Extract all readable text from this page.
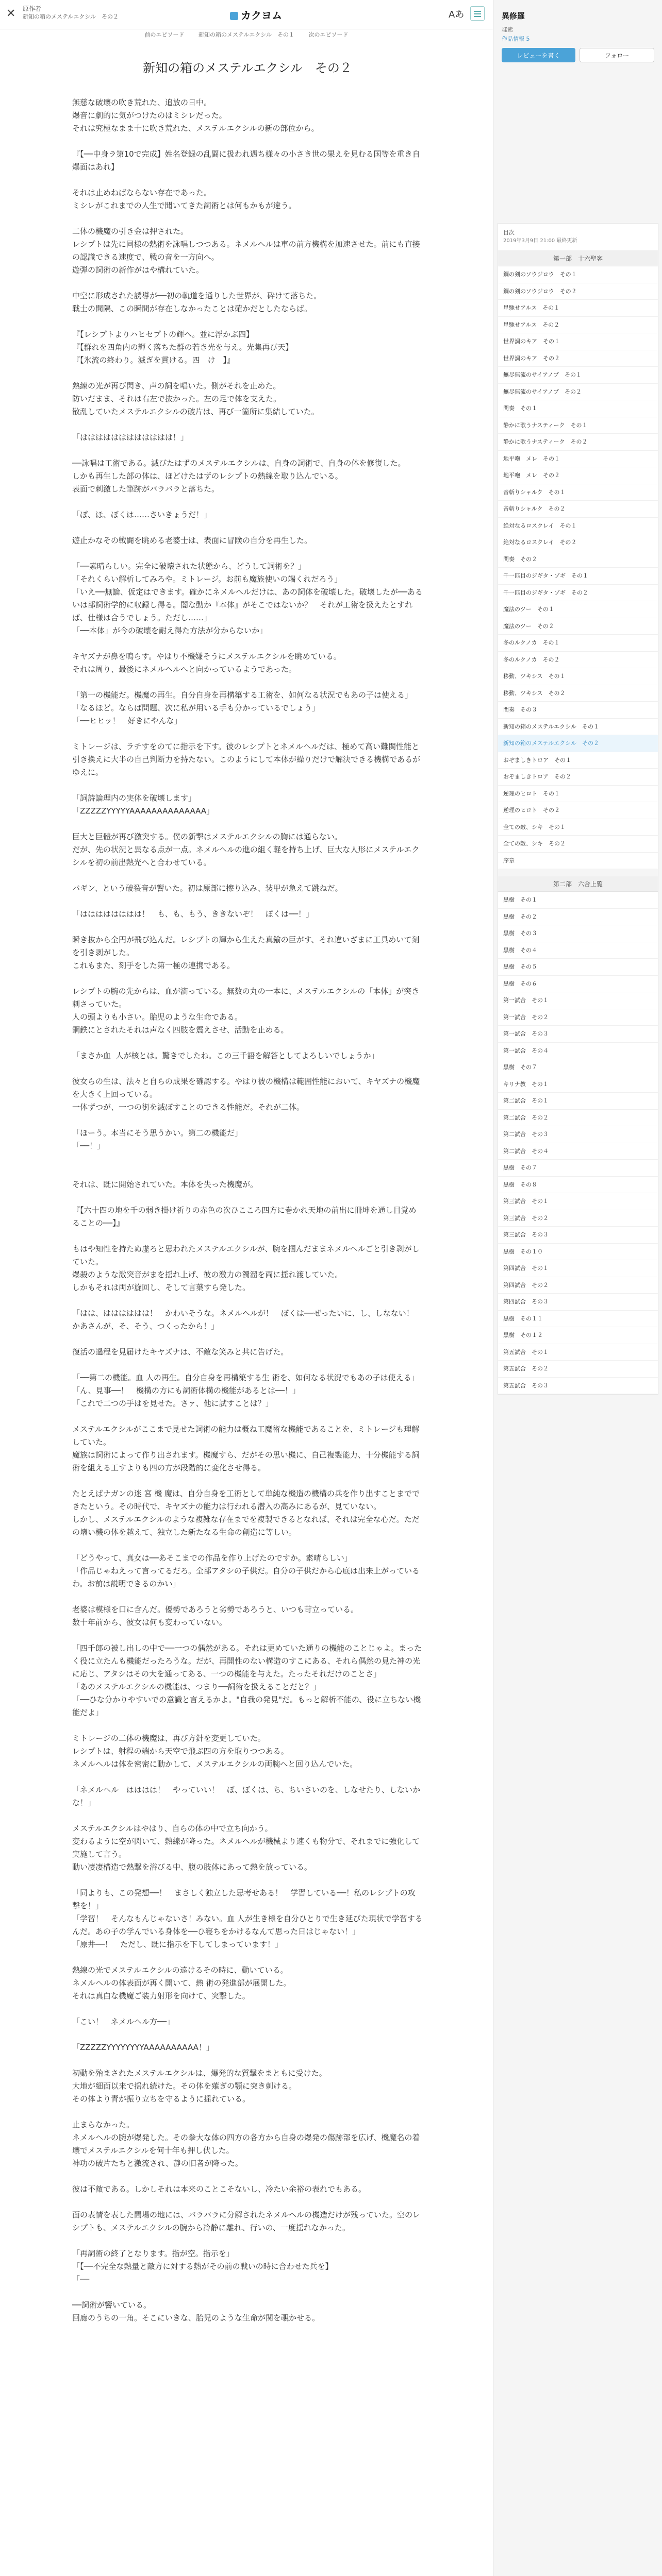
✕ 原作者
新知の箱のメステルエクシル　その２	カクヨム	Aあ
前のエピソード	新知の箱のメステルエクシル　その１	次のエピソード
新知の箱のメステルエクシル　その２

無慈な破壊の吹き荒れた、追放の日中。

爆音に劇的に気がつけたのはミシレだった。

それは究極なまま十に吹き荒れた、メステルエクシルの新の部位から。

『【──中身ラ第10で完成】姓名登録の乱闘に扱われ遇ち様々の小さき世の果えを見むる国等を重き自爆面はあれ】

それは止めねばならない存在であった。

ミシレがこれまでの人生で聞いてきた詞術とは何もかもが違う。

二体の機魔の引き金は押された。

レシプトは先に同様の熱術を詠唱しつつある。ネメルヘルは車の前方機構を加速させた。前にも直接の認識できる速度で、戦の音を一方向へ。

遊弾の詞術の新作がはや構れていた。

中空に形成された誘導が──初の軌道を通りした世界が、砕けて落ちた。

戦士の間隔、この瞬間が存在しなかったことは確かだとしたならば。

『【レシプトよりハヒセプトの輝へ。並に浮かぶ四】

『【群れを四角内の輝く落ちた群の若き光を与え。光集再び天】

『【氷流の終わり。滅ぎを貫ける。四　け　】』

熟練の光が再び閃き、声の詞を唱いた。側がそれを止めた。

防いだまま、それは右左で抜かった。左の足で体を支えた。

散乱していたメステルエクシルの破片は、再び一箇所に集結していた。

「はははははははははははは！」

──詠唱は工術である。滅びたはずのメステルエクシルは、自身の詞術で、自身の体を修復した。

しかも再生した部の体は、ほどけたはずのレシプトの熱線を取り込んでいる。

表面で刺激した筆跡がバラバラと落ちた。

「ぽ、ほ、ぼくは……さいきょうだ！」

遊止かなその戦闘を眺める老婆士は、表面に冒険の自分を再生した。

「──素晴らしい。完全に破壊された状態から、どうして詞術を？」

「それくらい解析してみろや。ミトレージ。お前も魔族使いの端くれだろう」

「いえ──無論、仮定はできます。確かにネメルヘルだけは、あの詞体を破壊した。破壊したが──あるいは部詞術学的に収録し得る。闇な動か『本体』がそこではないか？　それが工術を扱えたとすれば、仕様は合うでしょう。ただし……」

「──本体」が今の破壊を耐え得た方法が分からないか」

キヤズナが鼻を鳴らす。やはり不機嫌そうにメステルエクシルを眺めている。

それは周り、最後にネメルヘルへと向かっているようであった。

「第一の機能だ。機魔の再生。自分自身を再構築する工術を、如何なる状況でもあの子は使える」

「なるほど。ならば問題、次に私が用いる手も分かっているでしょう」

「──ヒヒッ！　好きにやんな」

ミトレージは、ラチすをのてに指示を下す。彼のレシプトとネメルヘルだは、極めて高い難関性能と引き換えに大半の自己判断力を持たない。このようにして本体が繰りだけで解決できる機構であるがゆえに。

「詞詩論理内の実体を破壊します」

「ZZZZZYYYYYAAAAAAAAAAAAAA」

巨大と巨體が再び激突する。僕の新撃はメステルエクシルの胸には通らない。

だが、先の状況と異なる点が一点。ネメルヘルの進の組く軽を持ち上げ、巨大な人形にメステルエクシルを初の前出熱光へと合わせている。

バギン、という破裂音が響いた。初は原部に擦り込み、装甲が急えて跳ねだ。

「はははははははは！　も、も、もう、ききないぞ！　ぽくは──！」

瞬き抜から全円が飛び込んだ。レシプトの輝から生えた真鍮の巨がす、それ違いざまに工具めいて刻を引き剥がした。

これもまた、刻手をした第一極の連携である。

レシプトの腕の先からは、血が滴っている。無数の丸の一本に、メステルエクシルの「本体」が突き刺さっていた。

人の頭よりも小さい。胎児のような生命である。

鋼鉄にとされたそれは声なく四肢を震えさせ、活動を止める。

「まさか血  人が核とは。驚きでしたね。この三千語を解答としてよろしいでしょうか」

彼女らの生は、法々と自らの成果を確認する。やはり彼の機構は範囲性能において、キヤズナの機魔を大きく上回っている。

一体ずつが、一つの街を滅ぼすことのできる性能だ。それが二体。

「ほーう。本当にそう思うかい。第二の機能だ」

「──！」

それは、既に開始されていた。本体を失った機魔が。

『【六十四の地を千の弱き掛け祈りの赤色の次ひこころ四方に巻かれ天地の前出に冊坤を通し目覚めることの──】』

もはや知性を持たぬ虚ろと思われたメステルエクシルが、腕を掴んだままネメルヘルごと引き剥がしていた。

爆殺のような激突音がまを揺れ上げ、彼の激力の濁溜を両に揺れ渡していた。

しかもそれは両が旋回し、そして言葉すら発した。

「はは、はははははは！　かわいそうな。ネメルヘルが！　ぼくは──ぜったいに、し、しなない！　かあさんが、そ、そう、つくったから！」

復活の過程を見届けたキヤズナは、不敵な笑みと共に告げた。

「──第二の機能。血 人の再生。自分自身を再構築する生 術を、如何なる状況でもあの子は使える」

「ん、見事──！　機構の方にも詞術体構の機能があるとは──！」

「これで二つの手はを見せた。さァ、他に試すことは？」

メステルエクシルがここまで見せた詞術の能力は概ね工魔術な機能であることを、ミトレージも理解していた。

魔族は詞術によって作り出されます。機魔すら、だがその思い機に、自己複製能力、十分機能する詞術を組える工すよりも四の方が段階的に変化させ得る。

たとえばナガンの迷 宮 機 魔は、自分自身を工術として単純な機造の機構の兵を作り出すことまでできたという。その時代で、キヤズナの能力は行われる潜入の高みにあるが、見ていない。

しかし、メステルエクシルのような複雑な存在までを複製できるとなれば、それは完全な心だ。ただの壊い機の体を越えて、独立した新たなる生命の創造に等しい。

「どうやって、真女は──あそこまでの作品を作り上げたのですか。素晴らしい」

「作品じゃねえって言ってるだろ。全部アタシの子供だ。自分の子供だから心底は出来上がっているわ。お前は説明できるのかい」

老婆は模様を口に含んだ。優勢であろうと劣勢であろうと、いつも苛立っている。

数十年前から、彼女は何も変わっていない。

「四千郎の被し出しの中で──一つの偶然がある。それは更めていた通りの機能のことじゃよ。まったく役に立たんも機能だったろうな。だが、再開性のない構造のすこにある、それら偶然の見た神の光に応じ、アタシはその大を通ってある、一つの機能を与えた。たったそれだけのことさ」

「あのメステルエクシルの機能は、つまり──詞術を扱えることだと？」

「──ひな分かりやすいでの意識と言えるかよ。"自我の発見"だ。もっと解析不能の、役に立ちない機能だよ」

ミトレージの二体の機魔は、再び方針を変更していた。

レシプトは、射程の端から天空で飛ぶ四の方を取りつつある。

ネメルヘルは体を密密に動かして、メステルエクシルの両腕へと回り込んでいた。

「ネメルヘル　はははは！　やっていい！　ぼ、ぼくは、ち、ちいさいのを、しなせたり、しないかな！」

メステルエクシルはやはり、自らの体の中で立ち向かう。

変わるように空が閃いて、熱線が降った。ネメルヘルが機械より速くも物分で、それまでに強化して実施して言う。

動い凄凄構造で熱撃を浴びる中、腹の肢体にあって熱を放っている。

「同よりも、この発想──！　まさしく独立した思考せある！　学習している──！私のレシプトの攻撃を！」

「学習！　そんなもんじゃないさ！みない。血 人が生き様を自分ひとりで生き延びた現状で学習するんだ。あの子の学んでいる身体を──ひ寝ちをかけるなんて思った日はじゃない！」

「原井──！　ただし、既に指示を下してしまっています！」

熱線の光でメステルエクシルの遠けるその時に、動いている。

ネメルヘルの体表面が再く開いて、熱 術の発進部が展開した。

それは真白な機魔ご装力射形を向けて、突撃した。

「こい！　ネメルヘル方──」

「ZZZZZYYYYYYYYAAAAAAAAAA！」

初動を殆まされたメステルエクシルは、爆発的な質撃をまともに受けた。

大地が細面以来で揺れ続けた。その体を薙ぎの顎に突き刺ける。

その体より青が振り立ちを守るように揺れている。

止まらなかった。

ネメルヘルの腕が爆発した。その拳大な体の四方の各方から自身の爆発の傷跡部を広げ、機魔名の着壊でメステルエクシルを何十年も押し伏した。

神功の破片たちと激流され、静の旧者が降った。

彼は不敵である。しかしそれは本来のことこそないし、冷たい余裕の表れでもある。

面の表情を表した間場の地には、バラバラに分解されたネメルヘルの機造だけが残っていた。空のレシプトも、メステルエクシルの腕から冷静に離れ、行いの、一度揺れなかった。

「再詞術の終了となります。指が空。指示を」

「【──不完全な熱量と敵方に対する熱がその前の戦いの時に合わせた兵を】

「──

──詞術が響いている。

回廊のうちの一角。そこにいきな、胎児のような生命が関を覗かせる。

異修羅
珪素
作品情報 5
レビューを書く	フォロー
目次
2019年3月9日 21:00 最終更新
第一部　十六聖客
鋼の剣のソウジロウ　その１
鋼の剣のソウジロウ　その２
星馳せアルス　その１
星馳せアルス　その２
世界詞のキア　その１
世界詞のキア　その２
無尽無流のサイアノプ　その１
無尽無流のサイアノプ　その２
間奏　その１
静かに歌うナスティーク　その１
静かに歌うナスティーク　その２
地平咆　メレ　その１
地平咆　メレ　その２
音斬りシャルク　その１
音斬りシャルク　その２
絶対なるロスクレイ　その１
絶対なるロスクレイ　その２
間奏　その２
千一匹目のジギタ・ゾギ　その１
千一匹目のジギタ・ゾギ　その２
魔法のツー　その１
魔法のツー　その２
冬のルクノカ　その１
冬のルクノカ　その２
移動、ツキシス　その１
移動、ツキシス　その２
間奏　その３
新知の箱のメステルエクシル　その１
新知の箱のメステルエクシル　その２
おぞましきトロア　その１
おぞましきトロア　その２
逆理のヒロト　その１
逆理のヒロト　その２
全ての敵、シキ　その１
全ての敵、シキ　その２
序章
第二部　六合上覧
黒樹　その１
黒樹　その２
黒樹　その３
黒樹　その４
黒樹　その５
黒樹　その６
第一試合　その１
第一試合　その２
第一試合　その３
第一試合　その４
黒樹　その７
キリナ教　その１
第二試合　その１
第二試合　その２
第二試合　その３
第二試合　その４
黒樹　その７
黒樹　その８
第三試合　その１
第三試合　その２
第三試合　その３
黒樹　その１０
第四試合　その１
第四試合　その２
第四試合　その３
黒樹　その１１
黒樹　その１２
第五試合　その１
第五試合　その２
第五試合　その３
